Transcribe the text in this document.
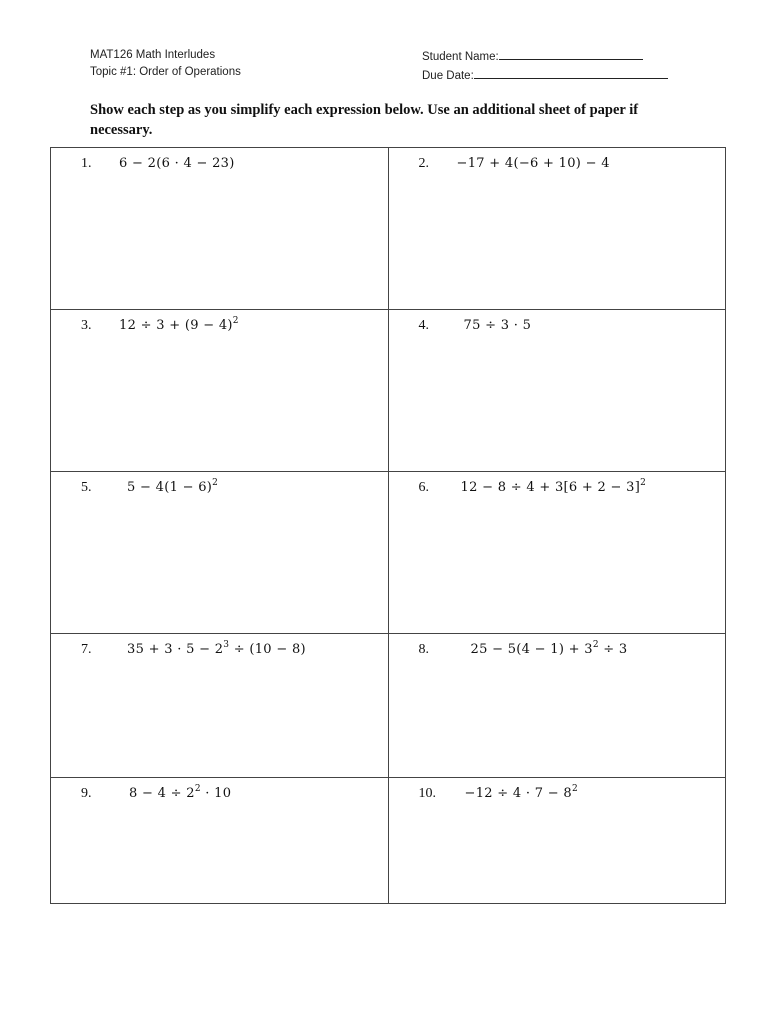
MAT126 Math Interludes
Topic #1: Order of Operations
Student Name:
Due Date:
Show each step as you simplify each expression below. Use an additional sheet of paper if necessary.
1. 6 − 2(6 · 4 − 23)	2. −17 + 4(−6 + 10) − 4

3. $12 \div 3 + (9 - 4)^2$	4. 75 ÷ 3 · 5

5. $5 - 4(1 - 6)^2$	6. $12 - 8 \div 4 + 3[6 + 2 - 3]^2$

7. $35 + 3 \cdot 5 - 2^3 \div (10 - 8)$	8. $25 - 5(4 - 1) + 3^2 \div 3$

9. $8 - 4 \div 2^2 \cdot 10$	10. $-12 \div 4 \cdot 7 - 8^2$
